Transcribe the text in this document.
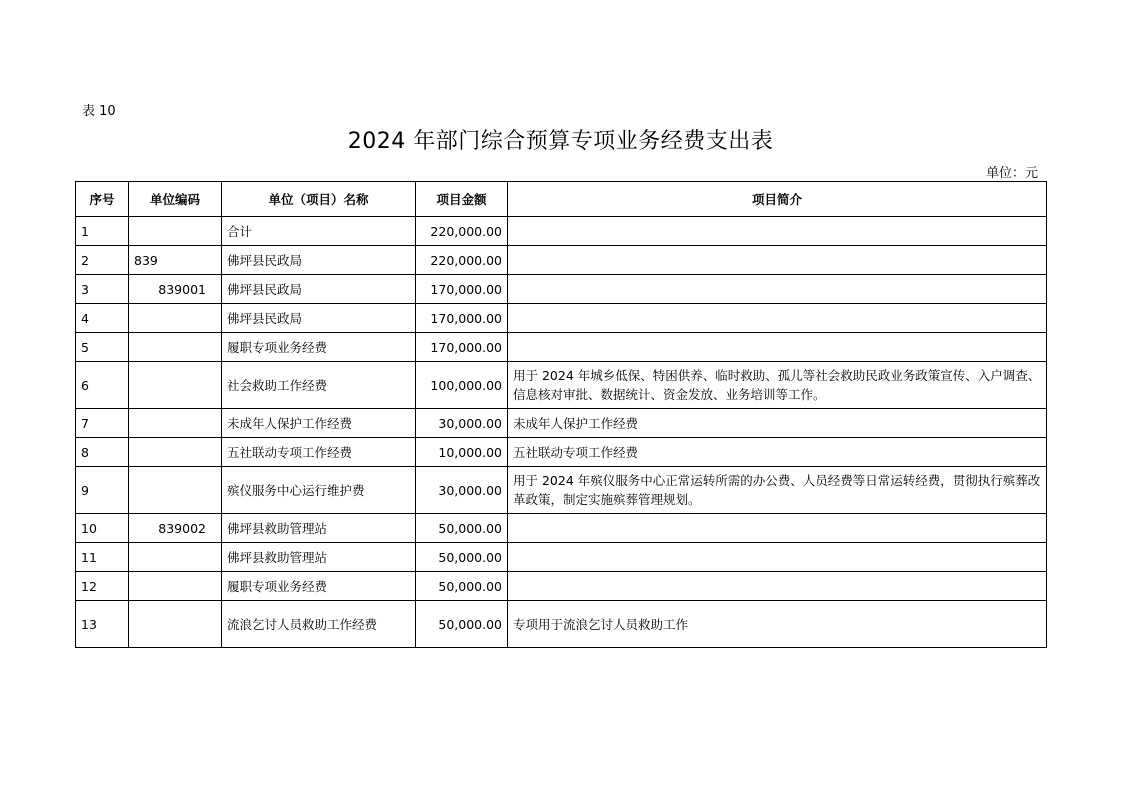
表 10
2024 年部门综合预算专项业务经费支出表
单位：元
序号	单位编码	单位（项目）名称	项目金额	项目简介
1		合计	220,000.00	
2	839	佛坪县民政局	220,000.00	
3	839001	佛坪县民政局	170,000.00	
4		佛坪县民政局	170,000.00	
5		履职专项业务经费	170,000.00	
6		社会救助工作经费	100,000.00	用于 2024 年城乡低保、特困供养、临时救助、孤儿等社会救助民政业务政策宣传、入户调查、信息核对审批、数据统计、资金发放、业务培训等工作。
7		未成年人保护工作经费	30,000.00	未成年人保护工作经费
8		五社联动专项工作经费	10,000.00	五社联动专项工作经费
9		殡仪服务中心运行维护费	30,000.00	用于 2024 年殡仪服务中心正常运转所需的办公费、人员经费等日常运转经费，贯彻执行殡葬改革政策，制定实施殡葬管理规划。
10	839002	佛坪县救助管理站	50,000.00	
11		佛坪县救助管理站	50,000.00	
12		履职专项业务经费	50,000.00	
13		流浪乞讨人员救助工作经费	50,000.00	专项用于流浪乞讨人员救助工作
